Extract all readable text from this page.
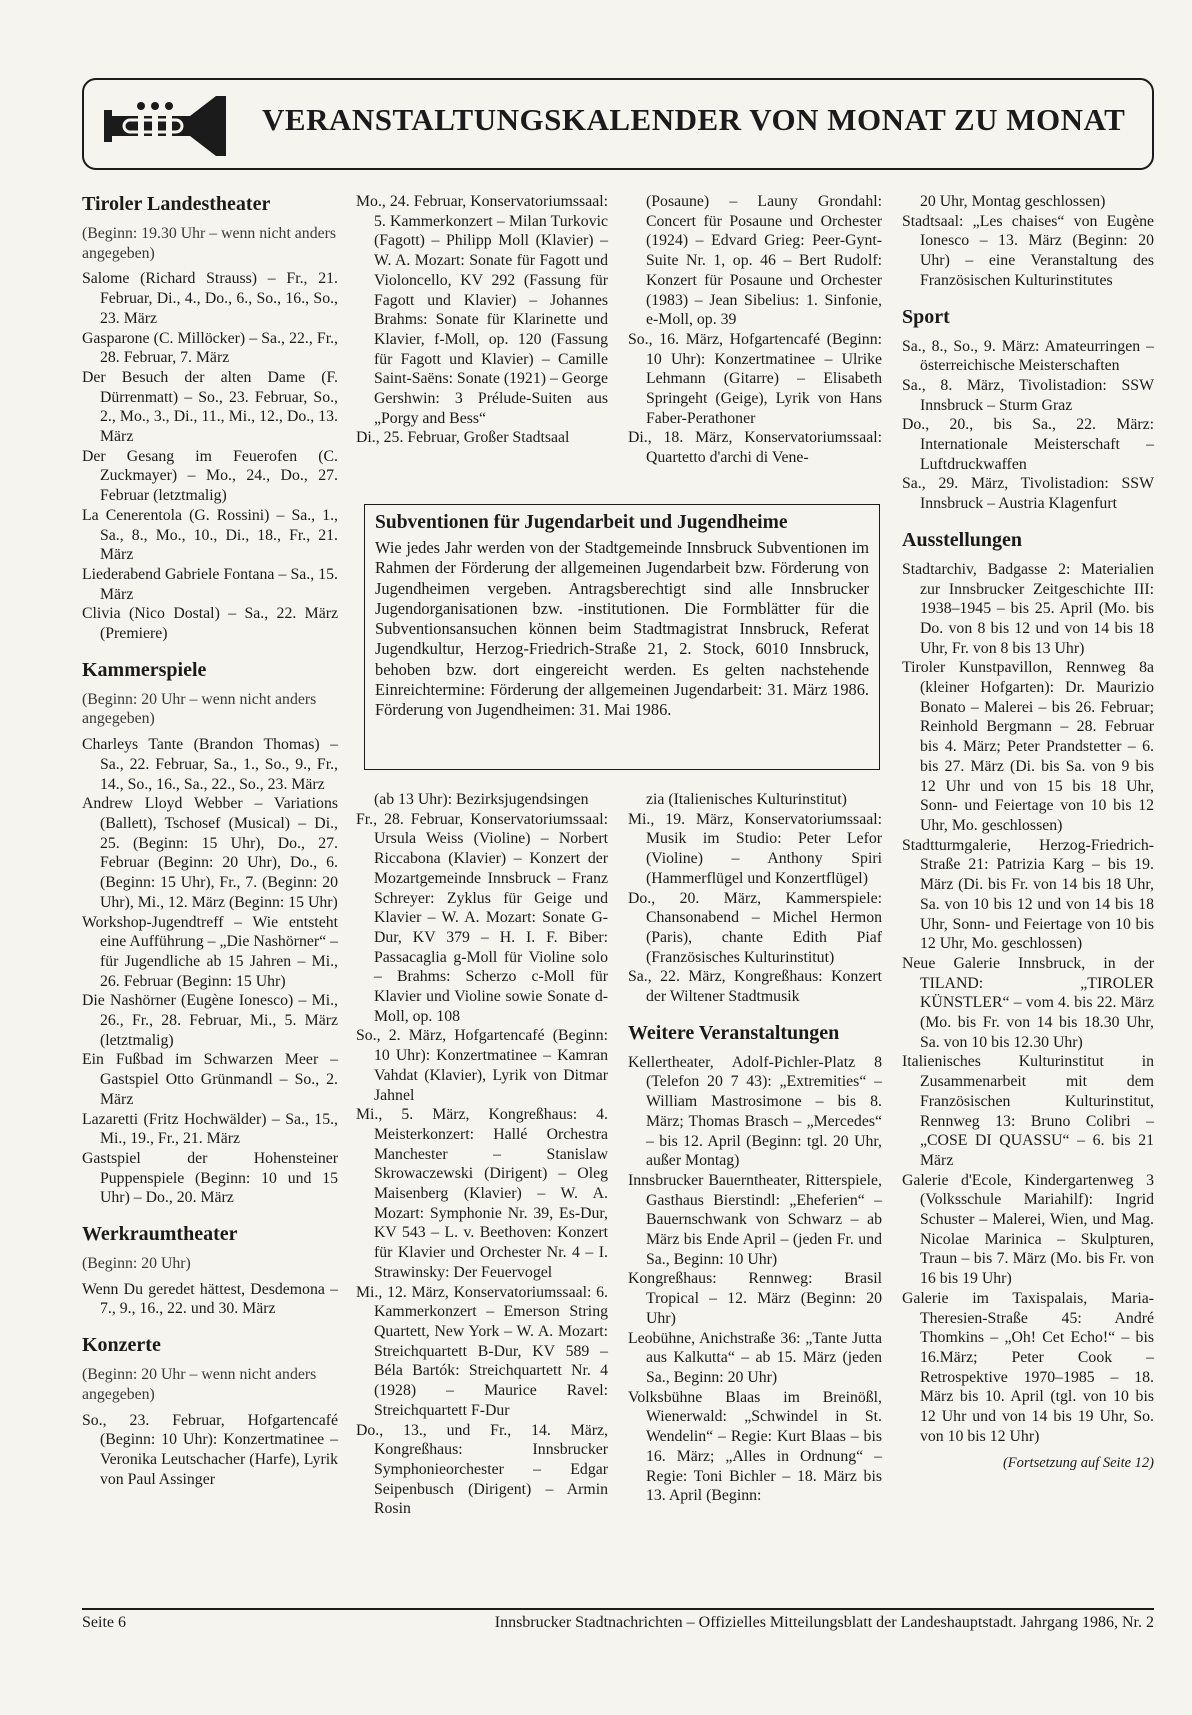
VERANSTALTUNGSKALENDER VON MONAT ZU MONAT
Tiroler Landestheater
(Beginn: 19.30 Uhr – wenn nicht anders angegeben)
Salome (Richard Strauss) – Fr., 21. Februar, Di., 4., Do., 6., So., 16., So., 23. März
Gasparone (C. Millöcker) – Sa., 22., Fr., 28. Februar, 7. März
Der Besuch der alten Dame (F. Dürrenmatt) – So., 23. Februar, So., 2., Mo., 3., Di., 11., Mi., 12., Do., 13. März
Der Gesang im Feuerofen (C. Zuckmayer) – Mo., 24., Do., 27. Februar (letztmalig)
La Cenerentola (G. Rossini) – Sa., 1., Sa., 8., Mo., 10., Di., 18., Fr., 21. März
Liederabend Gabriele Fontana – Sa., 15. März
Clivia (Nico Dostal) – Sa., 22. März (Premiere)
Kammerspiele
(Beginn: 20 Uhr – wenn nicht anders angegeben)
Charleys Tante (Brandon Thomas) – Sa., 22. Februar, Sa., 1., So., 9., Fr., 14., So., 16., Sa., 22., So., 23. März
Andrew Lloyd Webber – Variations (Ballett), Tschosef (Musical) – Di., 25. (Beginn: 15 Uhr), Do., 27. Februar (Beginn: 20 Uhr), Do., 6. (Beginn: 15 Uhr), Fr., 7. (Beginn: 20 Uhr), Mi., 12. März (Beginn: 15 Uhr)
Workshop-Jugendtreff – Wie entsteht eine Aufführung – „Die Nashörner“ – für Jugendliche ab 15 Jahren – Mi., 26. Februar (Beginn: 15 Uhr)
Die Nashörner (Eugène Ionesco) – Mi., 26., Fr., 28. Februar, Mi., 5. März (letztmalig)
Ein Fußbad im Schwarzen Meer – Gastspiel Otto Grünmandl – So., 2. März
Lazaretti (Fritz Hochwälder) – Sa., 15., Mi., 19., Fr., 21. März
Gastspiel der Hohensteiner Puppenspiele (Beginn: 10 und 15 Uhr) – Do., 20. März
Werkraumtheater
(Beginn: 20 Uhr)
Wenn Du geredet hättest, Desdemona – 7., 9., 16., 22. und 30. März
Konzerte
(Beginn: 20 Uhr – wenn nicht anders angegeben)
So., 23. Februar, Hofgartencafé (Beginn: 10 Uhr): Konzertmatinee – Veronika Leutschacher (Harfe), Lyrik von Paul Assinger
Mo., 24. Februar, Konservatoriumssaal: 5. Kammerkonzert – Milan Turkovic (Fagott) – Philipp Moll (Klavier) – W. A. Mozart: Sonate für Fagott und Violoncello, KV 292 (Fassung für Fagott und Klavier) – Johannes Brahms: Sonate für Klarinette und Klavier, f-Moll, op. 120 (Fassung für Fagott und Klavier) – Camille Saint-Saëns: Sonate (1921) – George Gershwin: 3 Prélude-Suiten aus „Porgy and Bess“
Di., 25. Februar, Großer Stadtsaal
(Posaune) – Launy Grondahl: Concert für Posaune und Orchester (1924) – Edvard Grieg: Peer-Gynt-Suite Nr. 1, op. 46 – Bert Rudolf: Konzert für Posaune und Orchester (1983) – Jean Sibelius: 1. Sinfonie, e-Moll, op. 39
So., 16. März, Hofgartencafé (Beginn: 10 Uhr): Konzertmatinee – Ulrike Lehmann (Gitarre) – Elisabeth Springeht (Geige), Lyrik von Hans Faber-Perathoner
Di., 18. März, Konservatoriumssaal: Quartetto d'archi di Vene-
Subventionen für Jugendarbeit und Jugendheime
Wie jedes Jahr werden von der Stadtgemeinde Innsbruck Subventionen im Rahmen der Förderung der allgemeinen Jugendarbeit bzw. Förderung von Jugendheimen vergeben. Antragsberechtigt sind alle Innsbrucker Jugendorganisationen bzw. -institutionen. Die Formblätter für die Subventionsansuchen können beim Stadtmagistrat Innsbruck, Referat Jugendkultur, Herzog-Friedrich-Straße 21, 2. Stock, 6010 Innsbruck, behoben bzw. dort eingereicht werden. Es gelten nachstehende Einreichtermine: Förderung der allgemeinen Jugendarbeit: 31. März 1986. Förderung von Jugendheimen: 31. Mai 1986.
(ab 13 Uhr): Bezirksjugendsingen
Fr., 28. Februar, Konservatoriumssaal: Ursula Weiss (Violine) – Norbert Riccabona (Klavier) – Konzert der Mozartgemeinde Innsbruck – Franz Schreyer: Zyklus für Geige und Klavier – W. A. Mozart: Sonate G-Dur, KV 379 – H. I. F. Biber: Passacaglia g-Moll für Violine solo – Brahms: Scherzo c-Moll für Klavier und Violine sowie Sonate d-Moll, op. 108
So., 2. März, Hofgartencafé (Beginn: 10 Uhr): Konzertmatinee – Kamran Vahdat (Klavier), Lyrik von Ditmar Jahnel
Mi., 5. März, Kongreßhaus: 4. Meisterkonzert: Hallé Orchestra Manchester – Stanislaw Skrowaczewski (Dirigent) – Oleg Maisenberg (Klavier) – W. A. Mozart: Symphonie Nr. 39, Es-Dur, KV 543 – L. v. Beethoven: Konzert für Klavier und Orchester Nr. 4 – I. Strawinsky: Der Feuervogel
Mi., 12. März, Konservatoriumssaal: 6. Kammerkonzert – Emerson String Quartett, New York – W. A. Mozart: Streichquartett B-Dur, KV 589 – Béla Bartók: Streichquartett Nr. 4 (1928) – Maurice Ravel: Streichquartett F-Dur
Do., 13., und Fr., 14. März, Kongreßhaus: Innsbrucker Symphonieorchester – Edgar Seipenbusch (Dirigent) – Armin Rosin
zia (Italienisches Kulturinstitut)
Mi., 19. März, Konservatoriumssaal: Musik im Studio: Peter Lefor (Violine) – Anthony Spiri (Hammerflügel und Konzertflügel)
Do., 20. März, Kammerspiele: Chansonabend – Michel Hermon (Paris), chante Edith Piaf (Französisches Kulturinstitut)
Sa., 22. März, Kongreßhaus: Konzert der Wiltener Stadtmusik
Weitere Veranstaltungen
Kellertheater, Adolf-Pichler-Platz 8 (Telefon 20 7 43): „Extremities“ – William Mastrosimone – bis 8. März; Thomas Brasch – „Mercedes“ – bis 12. April (Beginn: tgl. 20 Uhr, außer Montag)
Innsbrucker Bauerntheater, Ritterspiele, Gasthaus Bierstindl: „Eheferien“ – Bauernschwank von Schwarz – ab März bis Ende April – (jeden Fr. und Sa., Beginn: 10 Uhr)
Kongreßhaus: Rennweg: Brasil Tropical – 12. März (Beginn: 20 Uhr)
Leobühne, Anichstraße 36: „Tante Jutta aus Kalkutta“ – ab 15. März (jeden Sa., Beginn: 20 Uhr)
Volksbühne Blaas im Breinößl, Wienerwald: „Schwindel in St. Wendelin“ – Regie: Kurt Blaas – bis 16. März; „Alles in Ordnung“ – Regie: Toni Bichler – 18. März bis 13. April (Beginn:
20 Uhr, Montag geschlossen)
Stadtsaal: „Les chaises“ von Eugène Ionesco – 13. März (Beginn: 20 Uhr) – eine Veranstaltung des Französischen Kulturinstitutes
Sport
Sa., 8., So., 9. März: Amateurringen – österreichische Meisterschaften
Sa., 8. März, Tivolistadion: SSW Innsbruck – Sturm Graz
Do., 20., bis Sa., 22. März: Internationale Meisterschaft – Luftdruckwaffen
Sa., 29. März, Tivolistadion: SSW Innsbruck – Austria Klagenfurt
Ausstellungen
Stadtarchiv, Badgasse 2: Materialien zur Innsbrucker Zeitgeschichte III: 1938–1945 – bis 25. April (Mo. bis Do. von 8 bis 12 und von 14 bis 18 Uhr, Fr. von 8 bis 13 Uhr)
Tiroler Kunstpavillon, Rennweg 8a (kleiner Hofgarten): Dr. Maurizio Bonato – Malerei – bis 26. Februar; Reinhold Bergmann – 28. Februar bis 4. März; Peter Prandstetter – 6. bis 27. März (Di. bis Sa. von 9 bis 12 Uhr und von 15 bis 18 Uhr, Sonn- und Feiertage von 10 bis 12 Uhr, Mo. geschlossen)
Stadtturmgalerie, Herzog-Friedrich-Straße 21: Patrizia Karg – bis 19. März (Di. bis Fr. von 14 bis 18 Uhr, Sa. von 10 bis 12 und von 14 bis 18 Uhr, Sonn- und Feiertage von 10 bis 12 Uhr, Mo. geschlossen)
Neue Galerie Innsbruck, in der TILAND: „TIROLER KÜNSTLER“ – vom 4. bis 22. März (Mo. bis Fr. von 14 bis 18.30 Uhr, Sa. von 10 bis 12.30 Uhr)
Italienisches Kulturinstitut in Zusammenarbeit mit dem Französischen Kulturinstitut, Rennweg 13: Bruno Colibri – „COSE DI QUASSU“ – 6. bis 21 März
Galerie d'Ecole, Kindergartenweg 3 (Volksschule Mariahilf): Ingrid Schuster – Malerei, Wien, und Mag. Nicolae Marinica – Skulpturen, Traun – bis 7. März (Mo. bis Fr. von 16 bis 19 Uhr)
Galerie im Taxispalais, Maria-Theresien-Straße 45: André Thomkins – „Oh! Cet Echo!“ – bis 16.März; Peter Cook – Retrospektive 1970–1985 – 18. März bis 10. April (tgl. von 10 bis 12 Uhr und von 14 bis 19 Uhr, So. von 10 bis 12 Uhr)
(Fortsetzung auf Seite 12)
Seite 6	Innsbrucker Stadtnachrichten – Offizielles Mitteilungsblatt der Landeshauptstadt. Jahrgang 1986, Nr. 2
